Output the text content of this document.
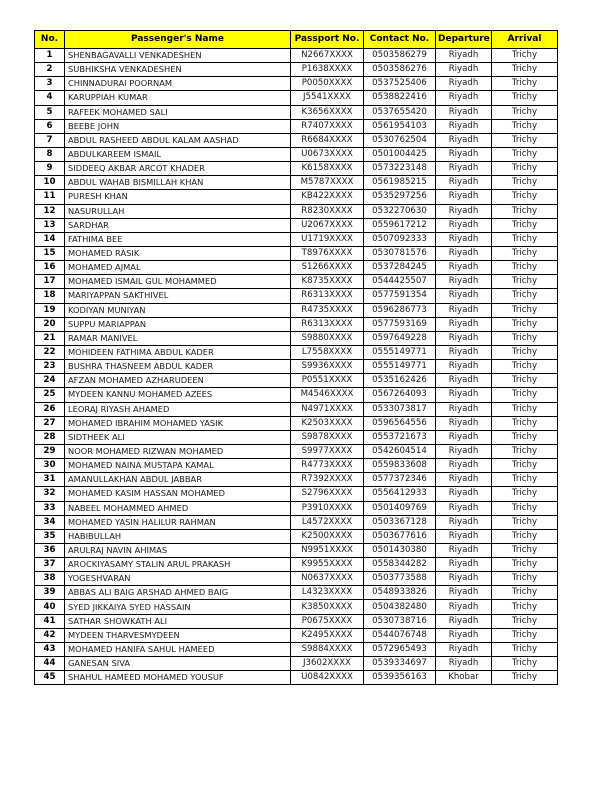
No.	Passenger's Name	Passport No.	Contact No.	Departure	Arrival
1	SHENBAGAVALLI VENKADESHEN	N2667XXXX	0503586279	Riyadh	Trichy
2	SUBHIKSHA VENKADESHEN	P1638XXXX	0503586276	Riyadh	Trichy
3	CHINNADURAI POORNAM	P0050XXXX	0537525406	Riyadh	Trichy
4	KARUPPIAH KUMAR	J5541XXXX	0538822416	Riyadh	Trichy
5	RAFEEK MOHAMED SALI	K3656XXXX	0537655420	Riyadh	Trichy
6	BEEBE JOHN	R7407XXXX	0561954103	Riyadh	Trichy
7	ABDUL RASHEED ABDUL KALAM AASHAD	R6684XXXX	0530762504	Riyadh	Trichy
8	ABDULKAREEM ISMAIL	U0673XXXX	0501004425	Riyadh	Trichy
9	SIDDEEQ AKBAR ARCOT KHADER	K6158XXXX	0573223148	Riyadh	Trichy
10	ABDUL WAHAB BISMILLAH KHAN	M5787XXXX	0561985215	Riyadh	Trichy
11	PURESH KHAN	KB422XXXX	0535297256	Riyadh	Trichy
12	NASURULLAH	R8230XXXX	0532270630	Riyadh	Trichy
13	SARDHAR	U2067XXXX	0559617212	Riyadh	Trichy
14	FATHIMA BEE	U1719XXXX	0507092333	Riyadh	Trichy
15	MOHAMED RASIK	T8976XXXX	0530781576	Riyadh	Trichy
16	MOHAMED AJMAL	S1266XXXX	0537284245	Riyadh	Trichy
17	MOHAMED ISMAIL GUL MOHAMMED	K8735XXXX	0544425507	Riyadh	Trichy
18	MARIYAPPAN SAKTHIVEL	R6313XXXX	0577591354	Riyadh	Trichy
19	KODIYAN MUNIYAN	R4735XXXX	0596286773	Riyadh	Trichy
20	SUPPU MARIAPPAN	R6313XXXX	0577593169	Riyadh	Trichy
21	RAMAR MANIVEL	S9880XXXX	0597649228	Riyadh	Trichy
22	MOHIDEEN FATHIMA ABDUL KADER	L7558XXXX	0555149771	Riyadh	Trichy
23	BUSHRA THASNEEM ABDUL KADER	S9936XXXX	0555149771	Riyadh	Trichy
24	AFZAN MOHAMED AZHARUDEEN	P0551XXXX	0535162426	Riyadh	Trichy
25	MYDEEN KANNU MOHAMED AZEES	M4546XXXX	0567264093	Riyadh	Trichy
26	LEORAJ RIYASH AHAMED	N4971XXXX	0533073817	Riyadh	Trichy
27	MOHAMED IBRAHIM MOHAMED YASIK	K2503XXXX	0596564556	Riyadh	Trichy
28	SIDTHEEK ALI	S9878XXXX	0553721673	Riyadh	Trichy
29	NOOR MOHAMED RIZWAN MOHAMED	S9977XXXX	0542604514	Riyadh	Trichy
30	MOHAMED NAINA MUSTAPA KAMAL	R4773XXXX	0559833608	Riyadh	Trichy
31	AMANULLAKHAN ABDUL JABBAR	R7392XXXX	0577372346	Riyadh	Trichy
32	MOHAMED KASIM HASSAN MOHAMED	S2796XXXX	0556412933	Riyadh	Trichy
33	NABEEL MOHAMMED AHMED	P3910XXXX	0501409769	Riyadh	Trichy
34	MOHAMED YASIN HALILUR RAHMAN	L4572XXXX	0503367128	Riyadh	Trichy
35	HABIBULLAH	K2500XXXX	0503677616	Riyadh	Trichy
36	ARULRAJ NAVIN AHIMAS	N9951XXXX	0501430380	Riyadh	Trichy
37	AROCKIYASAMY STALIN ARUL PRAKASH	K9955XXXX	0558344282	Riyadh	Trichy
38	YOGESHVARAN	N0637XXXX	0503773588	Riyadh	Trichy
39	ABBAS ALI BAIG ARSHAD AHMED BAIG	L4323XXXX	0548933826	Riyadh	Trichy
40	SYED JIKKAIYA SYED HASSAIN	K3850XXXX	0504382480	Riyadh	Trichy
41	SATHAR SHOWKATH ALI	P0675XXXX	0530738716	Riyadh	Trichy
42	MYDEEN THARVESMYDEEN	K2495XXXX	0544076748	Riyadh	Trichy
43	MOHAMED HANIFA SAHUL HAMEED	S9884XXXX	0572965493	Riyadh	Trichy
44	GANESAN SIVA	J3602XXXX	0539334697	Riyadh	Trichy
45	SHAHUL HAMEED MOHAMED YOUSUF	U0842XXXX	0539356163	Khobar	Trichy
